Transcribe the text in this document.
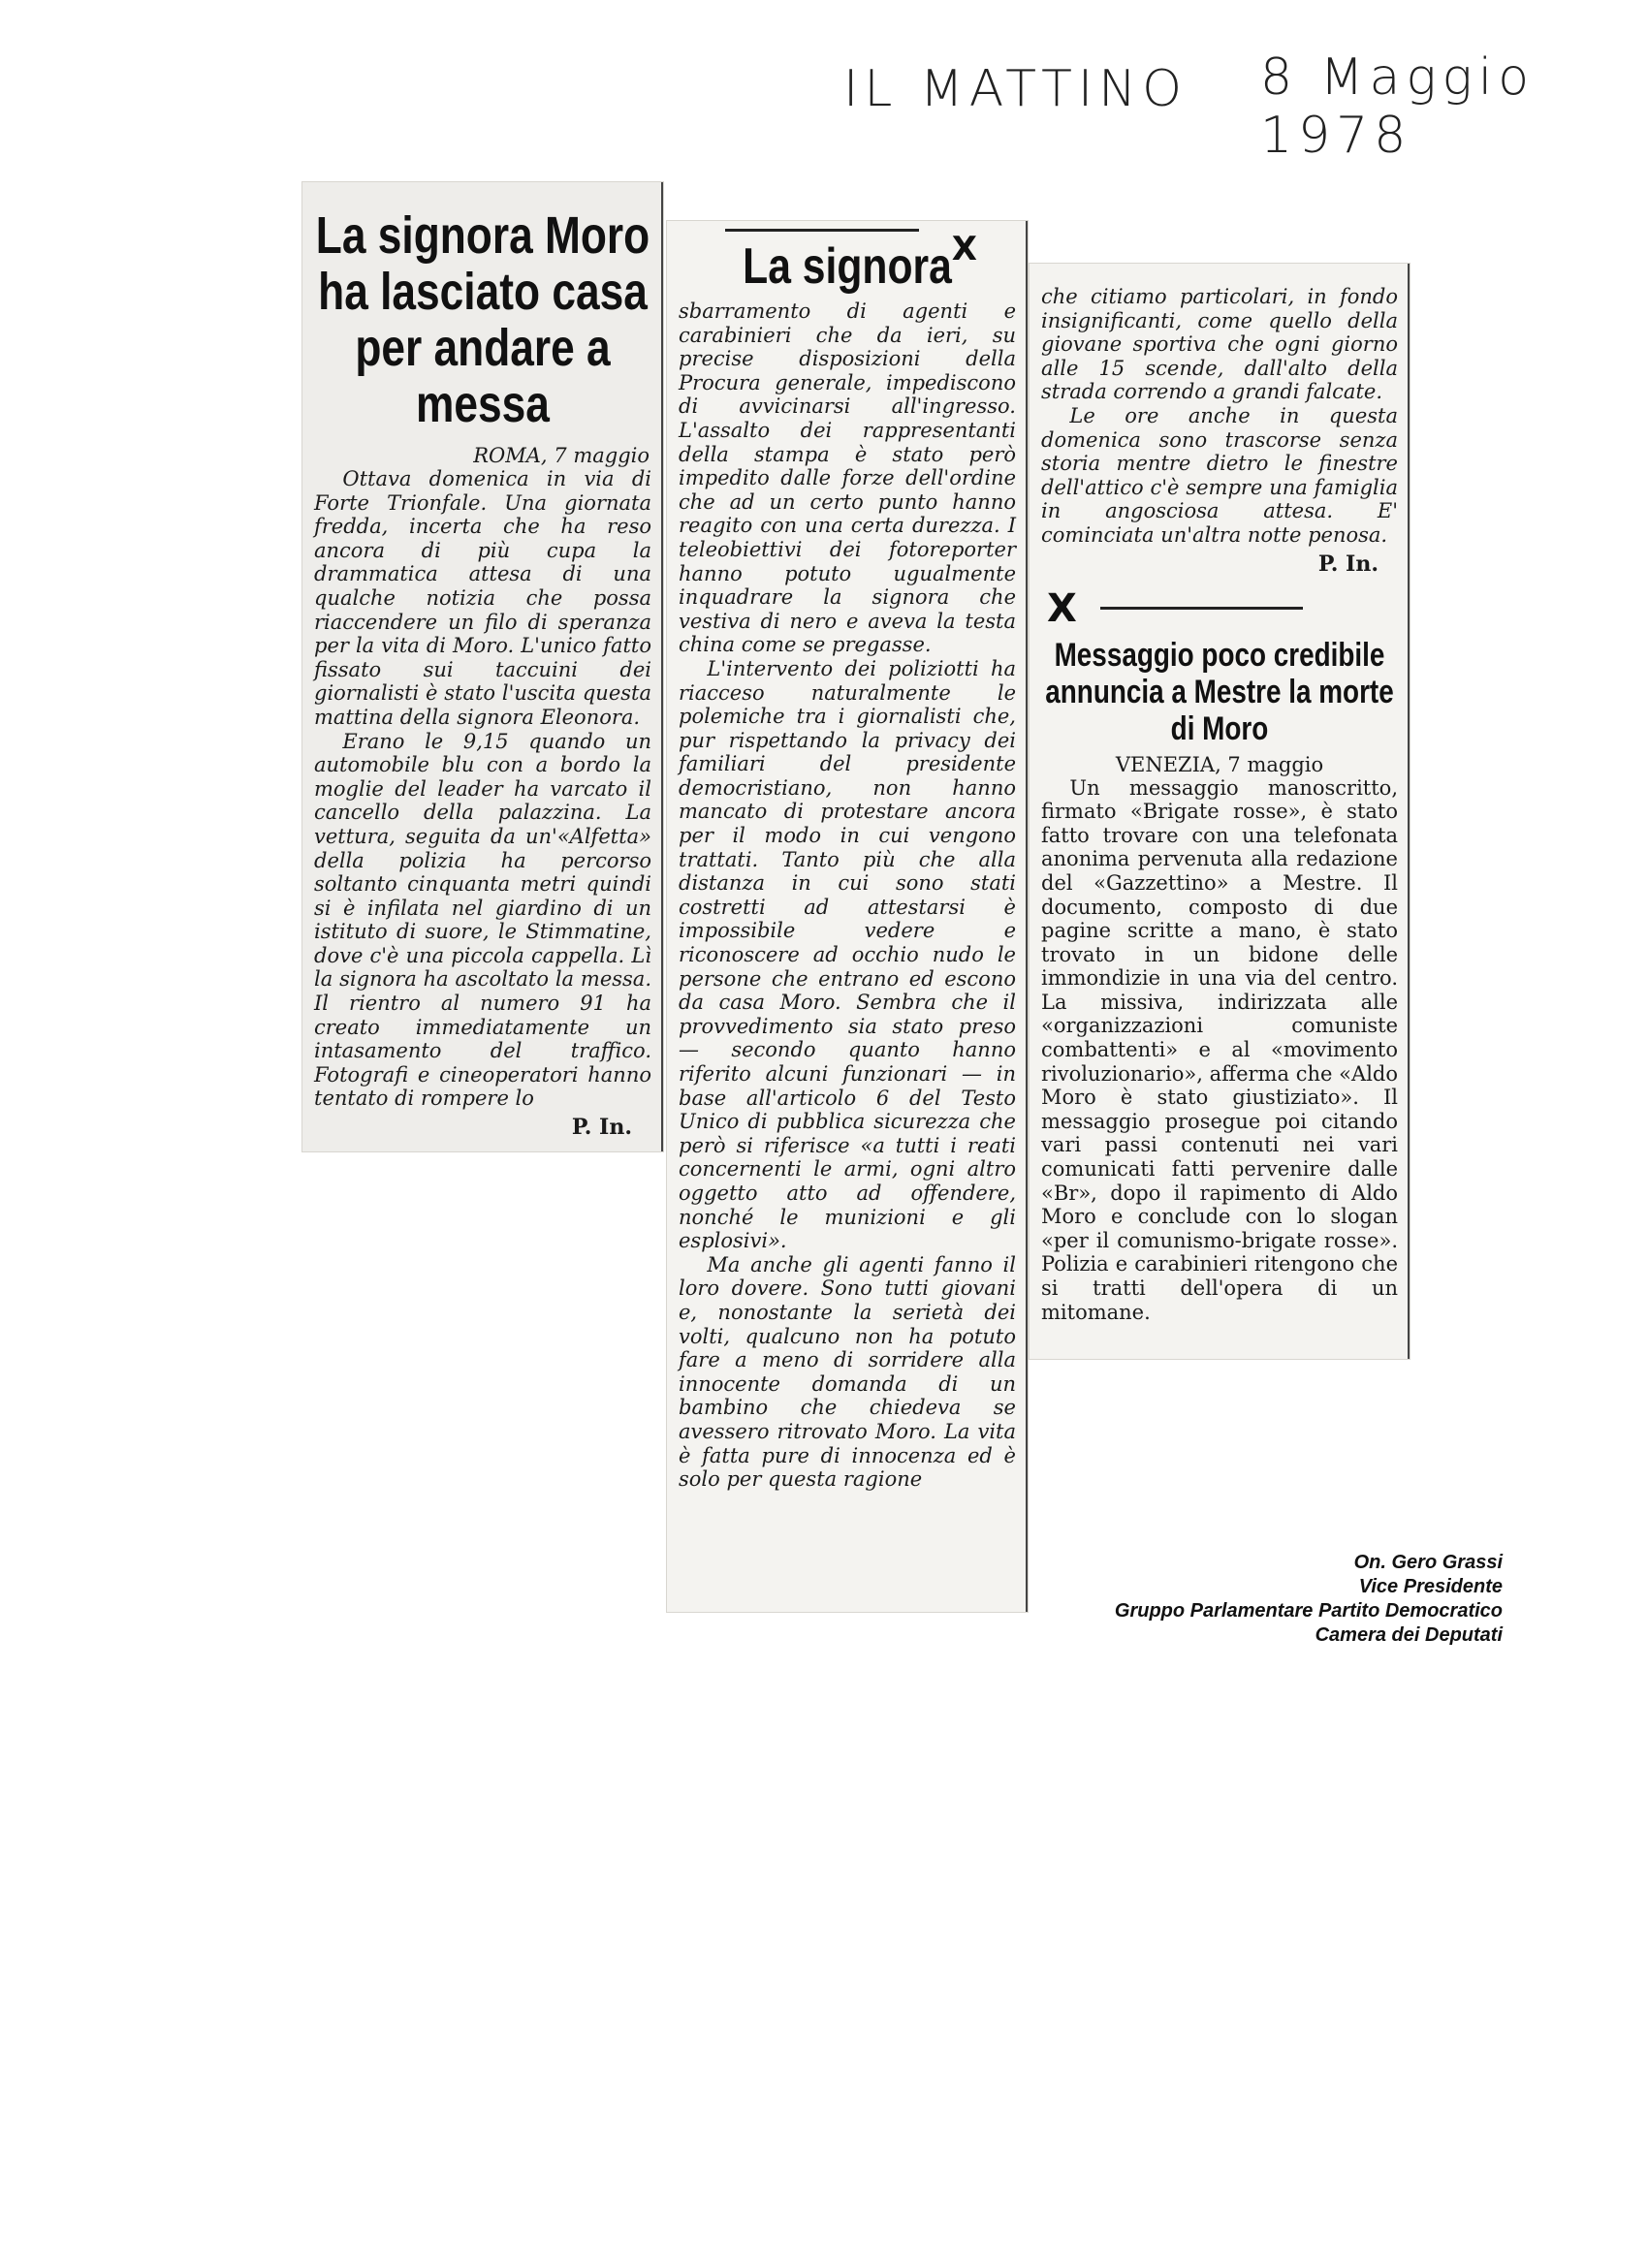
IL MATTINO 8 Maggio 1978
La signora Moro ha lasciato casa per andare a messa
ROMA, 7 maggio

Ottava domenica in via di Forte Trionfale. Una giornata fredda, incerta che ha reso ancora di più cupa la drammatica attesa di una qualche notizia che possa riaccendere un filo di speranza per la vita di Moro. L'unico fatto fissato sui taccuini dei giornalisti è stato l'uscita questa mattina della signora Eleonora.

Erano le 9,15 quando un automobile blu con a bordo la moglie del leader ha varcato il cancello della palazzina. La vettura, seguita da un'«Alfetta» della polizia ha percorso soltanto cinquanta metri quindi si è infilata nel giardino di un istituto di suore, le Stimmatine, dove c'è una piccola cappella. Lì la signora ha ascoltato la messa. Il rientro al numero 91 ha creato immediatamente un intasamento del traffico. Fotografi e cineoperatori hanno tentato di rompere lo

P. In.
La signora X

sbarramento di agenti e carabinieri che da ieri, su precise disposizioni della Procura generale, impediscono di avvicinarsi all'ingresso. L'assalto dei rappresentanti della stampa è stato però impedito dalle forze dell'ordine che ad un certo punto hanno reagito con una certa durezza. I teleobiettivi dei fotoreporter hanno potuto ugualmente inquadrare la signora che vestiva di nero e aveva la testa china come se pregasse.

L'intervento dei poliziotti ha riacceso naturalmente le polemiche tra i giornalisti che, pur rispettando la privacy dei familiari del presidente democristiano, non hanno mancato di protestare ancora per il modo in cui vengono trattati. Tanto più che alla distanza in cui sono stati costretti ad attestarsi è impossibile vedere e riconoscere ad occhio nudo le persone che entrano ed escono da casa Moro. Sembra che il provvedimento sia stato preso — secondo quanto hanno riferito alcuni funzionari — in base all'articolo 6 del Testo Unico di pubblica sicurezza che però si riferisce «a tutti i reati concernenti le armi, ogni altro oggetto atto ad offendere, nonché le munizioni e gli esplosivi».

Ma anche gli agenti fanno il loro dovere. Sono tutti giovani e, nonostante la serietà dei volti, qualcuno non ha potuto fare a meno di sorridere alla innocente domanda di un bambino che chiedeva se avessero ritrovato Moro. La vita è fatta pure di innocenza ed è solo per questa ragione

che citiamo particolari, in fondo insignificanti, come quello della giovane sportiva che ogni giorno alle 15 scende, dall'alto della strada correndo a grandi falcate.

Le ore anche in questa domenica sono trascorse senza storia mentre dietro le finestre dell'attico c'è sempre una famiglia in angosciosa attesa. E' cominciata un'altra notte penosa.

P. In.
X
Messaggio poco credibile annuncia a Mestre la morte di Moro
VENEZIA, 7 maggio

Un messaggio manoscritto, firmato «Brigate rosse», è stato fatto trovare con una telefonata anonima pervenuta alla redazione del «Gazzettino» a Mestre. Il documento, composto di due pagine scritte a mano, è stato trovato in un bidone delle immondizie in una via del centro. La missiva, indirizzata alle «organizzazioni comuniste combattenti» e al «movimento rivoluzionario», afferma che «Aldo Moro è stato giustiziato». Il messaggio prosegue poi citando vari passi contenuti nei vari comunicati fatti pervenire dalle «Br», dopo il rapimento di Aldo Moro e conclude con lo slogan «per il comunismo-brigate rosse». Polizia e carabinieri ritengono che si tratti dell'opera di un mitomane.

On. Gero Grassi
Vice Presidente
Gruppo Parlamentare Partito Democratico
Camera dei Deputati
